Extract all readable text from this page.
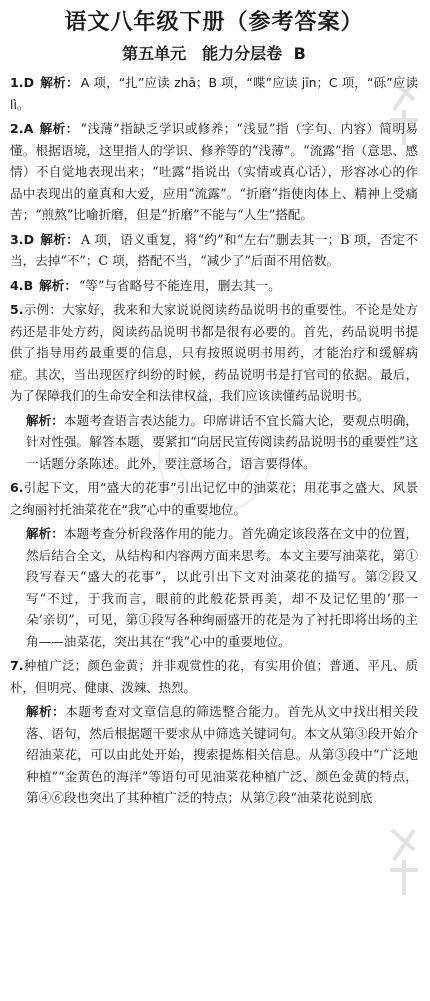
语文八年级下册（参考答案）
第五单元　能力分层卷 B
1.D 解析： A 项，“扎”应读 zhā；B 项，“喋”应读 jīn；C 项，“砾”应读 lì。
2.A 解析： “浅薄”指缺乏学识或修养；“浅显”指（字句、内容）简明易懂。根据语境，这里指人的学识、修养等的“浅薄”。“流露”指（意思、感情）不自觉地表现出来；“吐露”指说出（实情或真心话），形容冰心的作品中表现出的童真和大爱，应用“流露”。“折磨”指使肉体上、精神上受痛苦；“煎熬”比喻折磨，但是“折磨”不能与“人生”搭配。
3.D 解析： A 项，语义重复，将“约”和“左右”删去其一；B 项，否定不当，去掉“不”；C 项，搭配不当，“减少了”后面不用倍数。
4.B 解析： “等”与省略号不能连用，删去其一。
5.示例：大家好，我来和大家说说阅读药品说明书的重要性。不论是处方药还是非处方药，阅读药品说明书都是很有必要的。首先，药品说明书提供了指导用药最重要的信息，只有按照说明书用药，才能治疗和缓解病症。其次，当出现医疗纠纷的时候，药品说明书是打官司的依据。最后，为了保障我们的生命安全和法律权益，我们应该读懂药品说明书。
解析：本题考查语言表达能力。印席讲话不宜长篇大论，要观点明确，针对性强。解答本题，要紧扣“向居民宣传阅读药品说明书的重要性”这一话题分条陈述。此外，要注意场合，语言要得体。
6.引起下文，用“盛大的花事”引出记忆中的油菜花；用花事之盛大、风景之绚丽衬托油菜花在“我”心中的重要地位。
解析：本题考查分析段落作用的能力。首先确定该段落在文中的位置，然后结合全文，从结构和内容两方面来思考。本文主要写油菜花，第①段写春天“盛大的花事”，以此引出下文对油菜花的描写。第②段又写“不过，于我而言，眼前的此般花景再美，却不及记忆里的‘那一朵’亲切”，可见，第①段写各种绚丽盛开的花是为了衬托即将出场的主角——油菜花，突出其在“我”心中的重要地位。
7.种植广泛；颜色金黄；并非观赏性的花，有实用价值；普通、平凡、质朴，但明亮、健康、泼辣、热烈。
解析：本题考查对文章信息的筛选整合能力。首先从文中找出相关段落、语句，然后根据题干要求从中筛选关键词句。本文从第③段开始介绍油菜花，可以由此处开始，搜索提炼相关信息。从第③段中“广泛地种植”“金黄色的海洋”等语句可见油菜花种植广泛、颜色金黄的特点，第④⑥段也突出了其种植广泛的特点；从第⑦段“油菜花说到底
